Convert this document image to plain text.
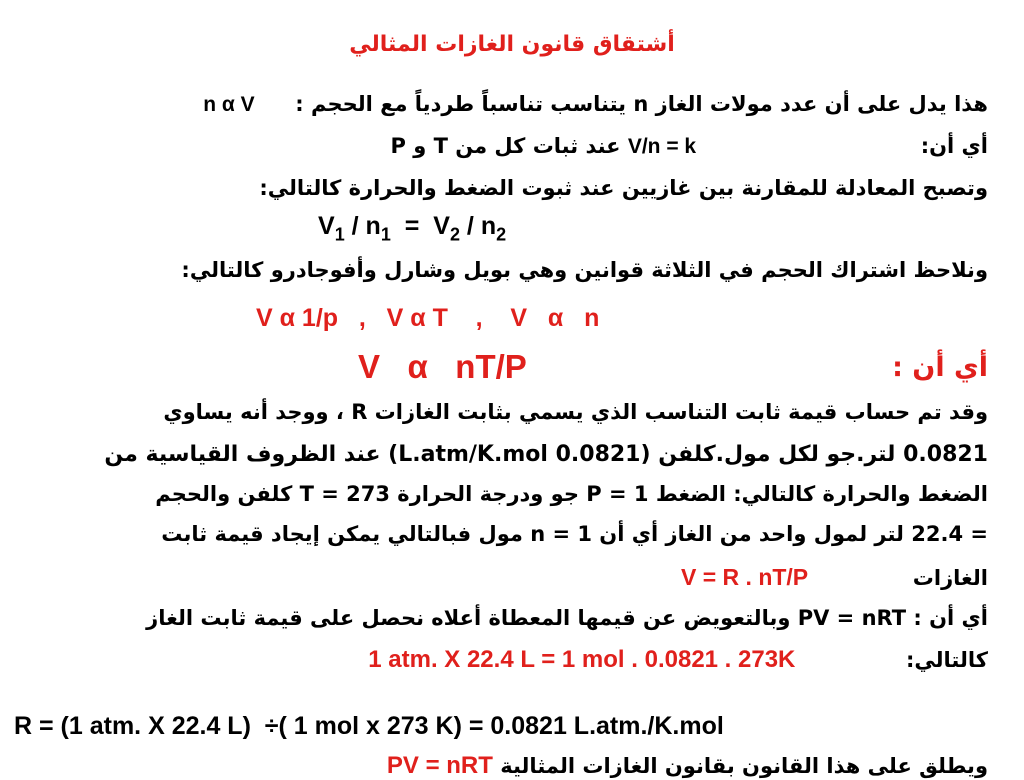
أشتقاق قانون الغازات المثالي
هذا يدل على أن عدد مولات الغاز n يتناسب تناسباً طردياً مع الحجم :  n α V
أي أن:  V/n = k عند ثبات كل من T و P
وتصبح المعادلة للمقارنة بين غازيين عند ثبوت الضغط والحرارة كالتالي:
$V_1 / n_1 = V_2 / n_2$
ونلاحظ اشتراك الحجم في الثلاثة قوانين وهي بويل وشارل وأفوجادرو كالتالي:
V α 1/p   ,   V α T    ,    V   α   n
أي أن :
V   α   nT/P
وقد تم حساب قيمة ثابت التناسب الذي يسمي بثابت الغازات R ، ووجد أنه يساوي
0.0821 لتر.جو لكل مول.كلفن (0.0821 L.atm/K.mol) عند الظروف القياسية من
الضغط والحرارة كالتالي: الضغط P = 1 جو ودرجة الحرارة T = 273 كلفن والحجم
= 22.4 لتر لمول واحد من الغاز أي أن n = 1 مول فبالتالي يمكن إيجاد قيمة ثابت
الغازات  V = R . nT/P
أي أن : PV = nRT وبالتعويض عن قيمها المعطاة أعلاه نحصل على قيمة ثابت الغاز
كالتالي:  1 atm. X 22.4 L = 1 mol . 0.0821 . 273K
R = (1 atm. X 22.4 L)  ÷( 1 mol x 273 K) = 0.0821 L.atm./K.mol
ويطلق على هذا القانون بقانون الغازات المثالية PV = nRT
